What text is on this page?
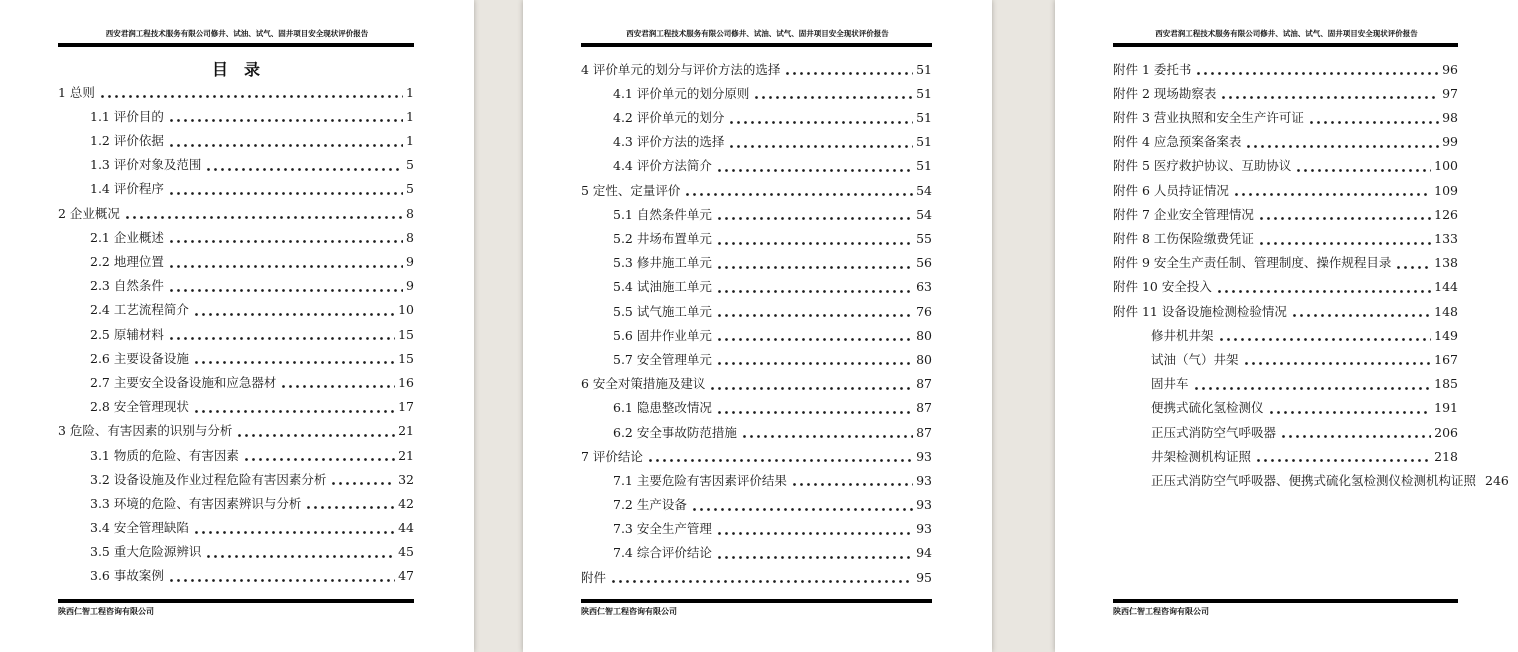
西安君润工程技术服务有限公司修井、试油、试气、固井项目安全现状评价报告
目　录
1 总则	1
1.1 评价目的	1
1.2 评价依据	1
1.3 评价对象及范围	5
1.4 评价程序	5
2 企业概况	8
2.1 企业概述	8
2.2 地理位置	9
2.3 自然条件	9
2.4 工艺流程简介	10
2.5 原辅材料	15
2.6 主要设备设施	15
2.7 主要安全设备设施和应急器材	16
2.8 安全管理现状	17
3 危险、有害因素的识别与分析	21
3.1 物质的危险、有害因素	21
3.2 设备设施及作业过程危险有害因素分析	32
3.3 环境的危险、有害因素辨识与分析	42
3.4 安全管理缺陷	44
3.5 重大危险源辨识	45
3.6 事故案例	47
陕西仁智工程咨询有限公司
西安君润工程技术服务有限公司修井、试油、试气、固井项目安全现状评价报告
4 评价单元的划分与评价方法的选择	51
4.1 评价单元的划分原则	51
4.2 评价单元的划分	51
4.3 评价方法的选择	51
4.4 评价方法简介	51
5 定性、定量评价	54
5.1 自然条件单元	54
5.2 井场布置单元	55
5.3 修井施工单元	56
5.4 试油施工单元	63
5.5 试气施工单元	76
5.6 固井作业单元	80
5.7 安全管理单元	80
6 安全对策措施及建议	87
6.1 隐患整改情况	87
6.2 安全事故防范措施	87
7 评价结论	93
7.1 主要危险有害因素评价结果	93
7.2 生产设备	93
7.3 安全生产管理	93
7.4 综合评价结论	94
附件	95
陕西仁智工程咨询有限公司
西安君润工程技术服务有限公司修井、试油、试气、固井项目安全现状评价报告
附件 1 委托书	96
附件 2 现场勘察表	97
附件 3 营业执照和安全生产许可证	98
附件 4 应急预案备案表	99
附件 5 医疗救护协议、互助协议	100
附件 6 人员持证情况	109
附件 7 企业安全管理情况	126
附件 8 工伤保险缴费凭证	133
附件 9 安全生产责任制、管理制度、操作规程目录	138
附件 10 安全投入	144
附件 11 设备设施检测检验情况	148
修井机井架	149
试油（气）井架	167
固井车	185
便携式硫化氢检测仪	191
正压式消防空气呼吸器	206
井架检测机构证照	218
正压式消防空气呼吸器、便携式硫化氢检测仪检测机构证照 246
陕西仁智工程咨询有限公司
